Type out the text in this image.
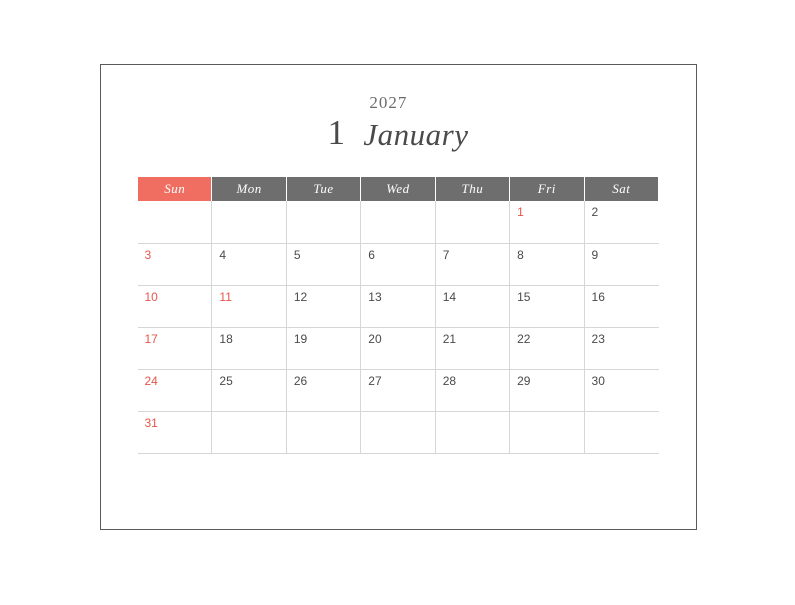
1
2027
January
Sun	Mon	Tue	Wed	Thu	Fri	Sat
					1	2
3	4	5	6	7	8	9
10	11	12	13	14	15	16
17	18	19	20	21	22	23
24	25	26	27	28	29	30
31						
